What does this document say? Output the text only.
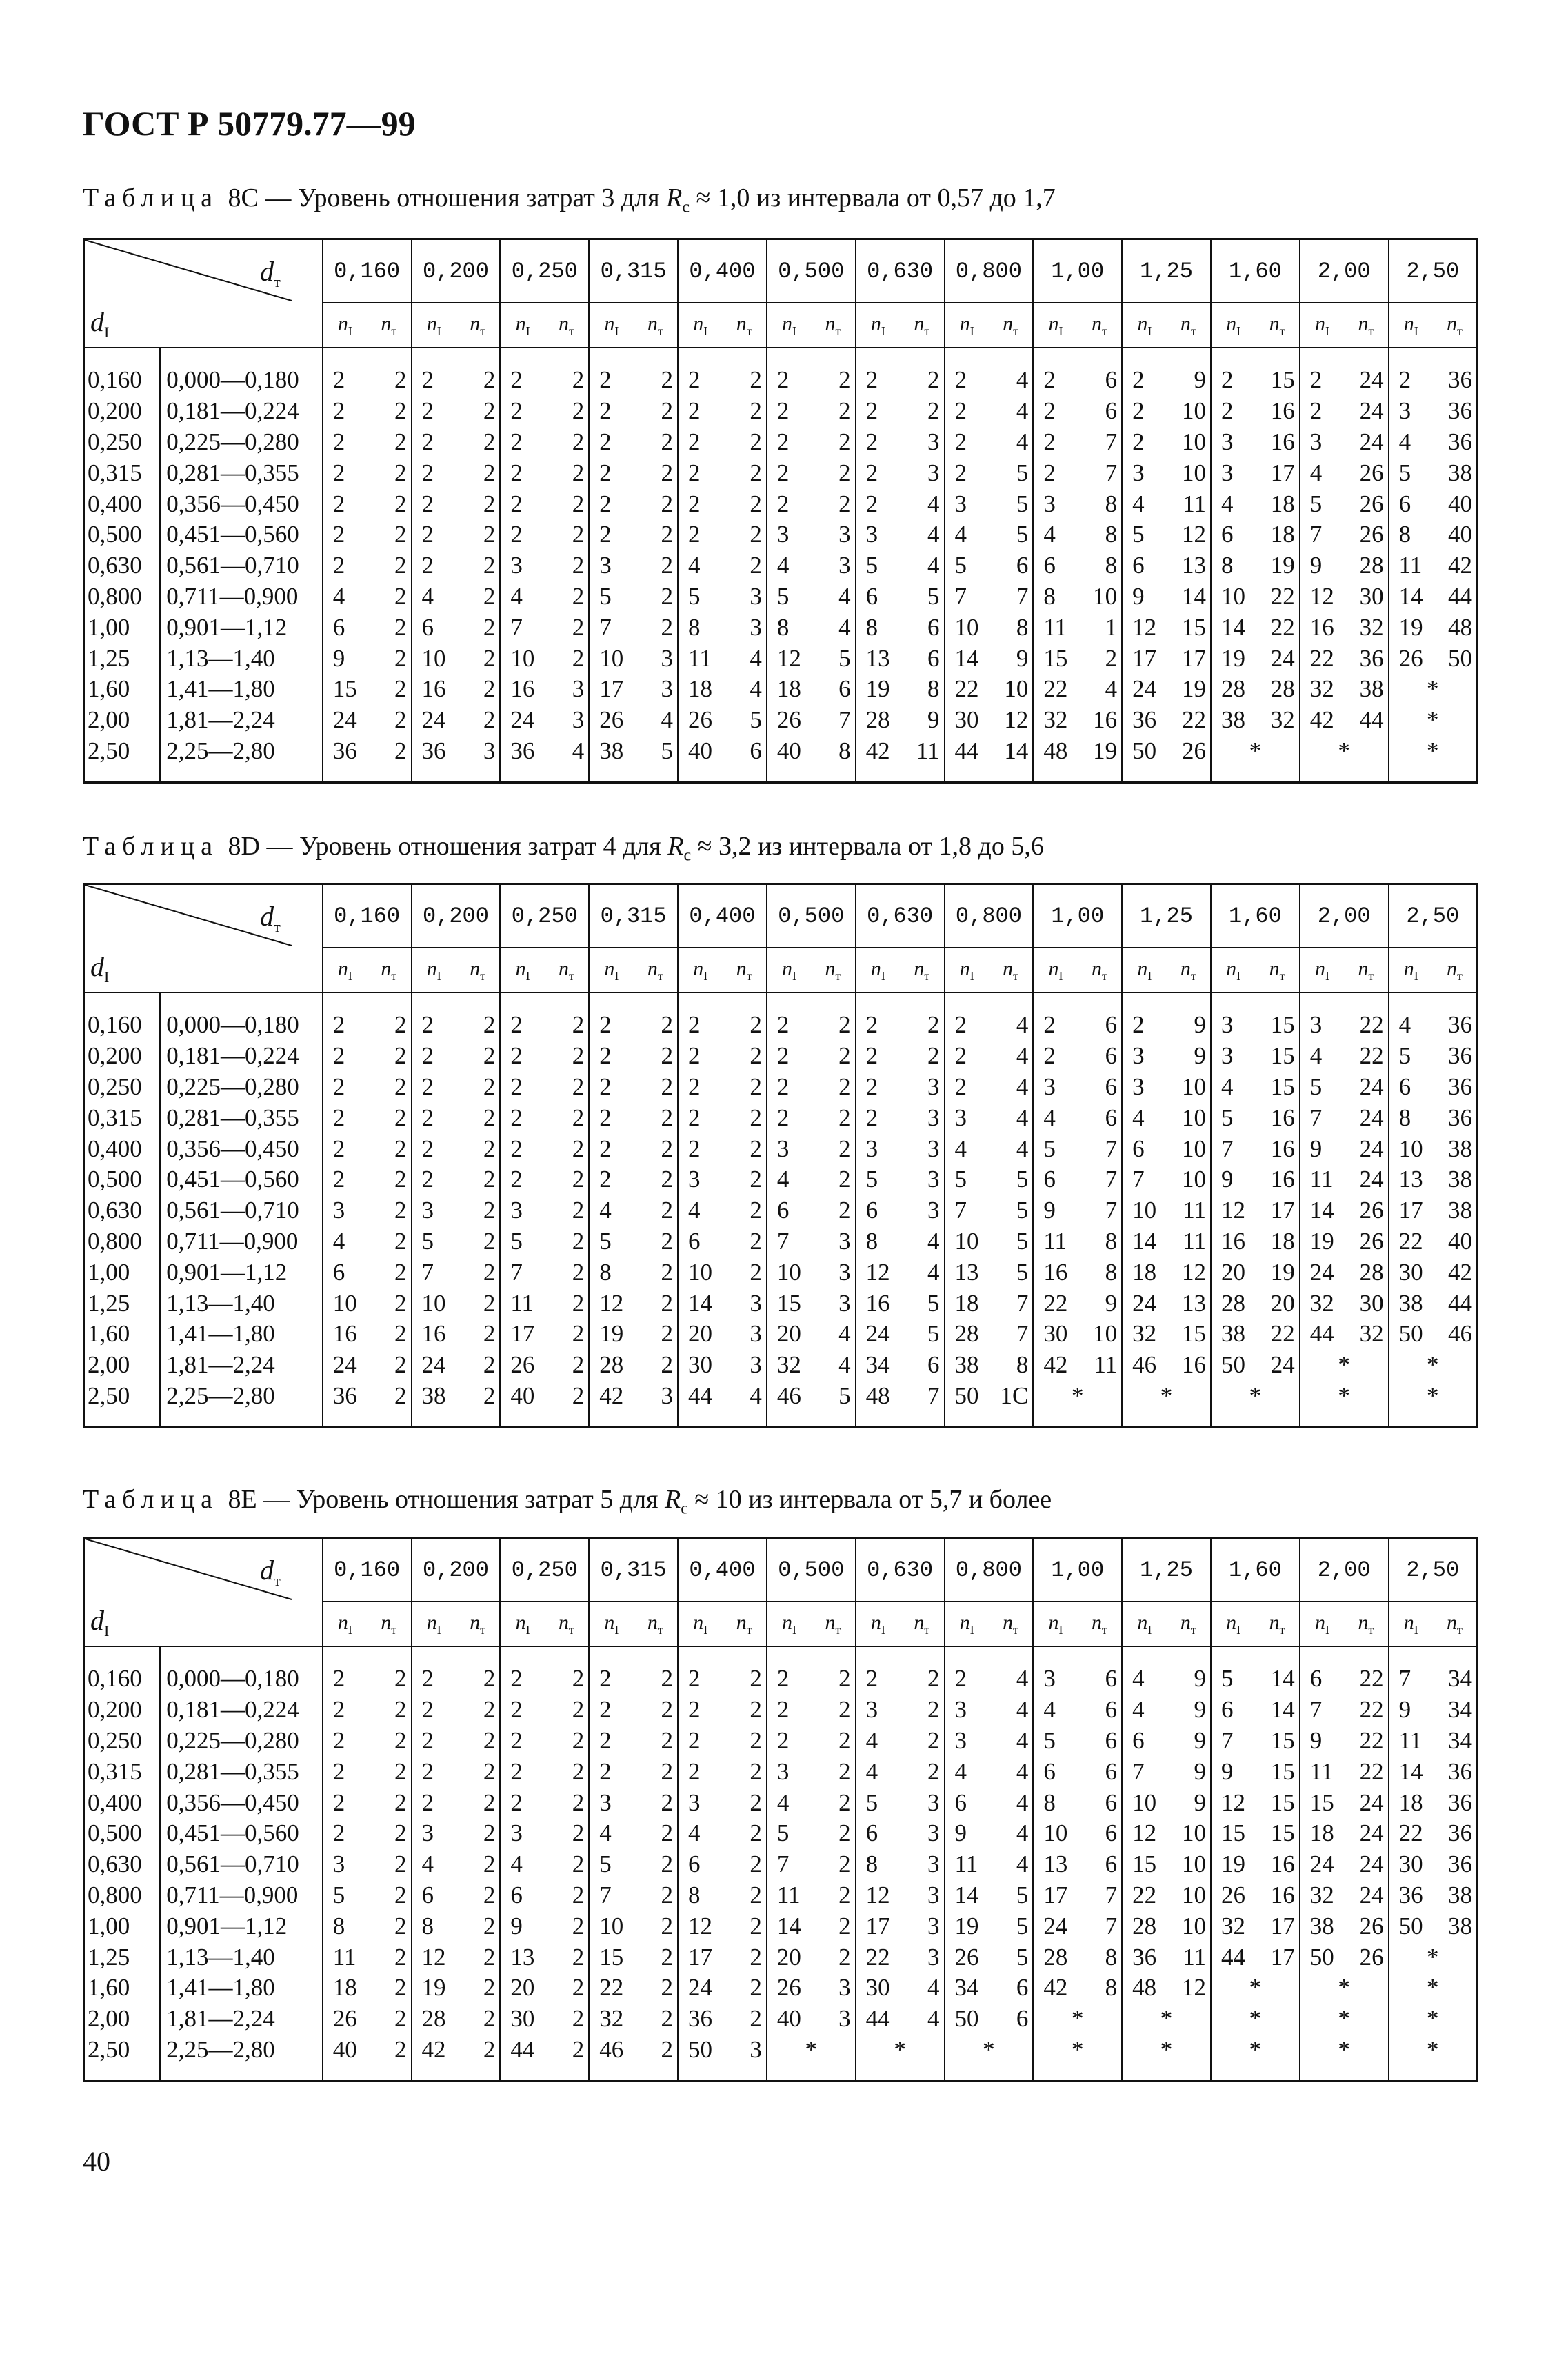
ГОСТ Р 50779.77—99
Таблица 8С — Уровень отношения затрат 3 для $R_с \approx 1,0$ из интервала от 0,57 до 1,7
$d_т$
$d_I$		0,160		0,200		0,250		0,315		0,400		0,500		0,630		0,800		1,00		1,25		1,60		2,00		2,50	
		$n_I$	$n_т$	$n_I$	$n_т$	$n_I$	$n_т$	$n_I$	$n_т$	$n_I$	$n_т$	$n_I$	$n_т$	$n_I$	$n_т$	$n_I$	$n_т$	$n_I$	$n_т$	$n_I$	$n_т$	$n_I$	$n_т$	$n_I$	$n_т$	$n_I$	$n_т$

0,160	0,000—0,180	2	2	2	2	2	2	2	2	2	2	2	2	2	2	2	4	2	6	2	9	2	15	2	24	2	36
0,200	0,181—0,224	2	2	2	2	2	2	2	2	2	2	2	2	2	2	2	4	2	6	2	10	2	16	2	24	3	36
0,250	0,225—0,280	2	2	2	2	2	2	2	2	2	2	2	2	2	3	2	4	2	7	2	10	3	16	3	24	4	36
0,315	0,281—0,355	2	2	2	2	2	2	2	2	2	2	2	2	2	3	2	5	2	7	3	10	3	17	4	26	5	38
0,400	0,356—0,450	2	2	2	2	2	2	2	2	2	2	2	2	2	4	3	5	3	8	4	11	4	18	5	26	6	40
0,500	0,451—0,560	2	2	2	2	2	2	2	2	2	2	3	3	3	4	4	5	4	8	5	12	6	18	7	26	8	40
0,630	0,561—0,710	2	2	2	2	3	2	3	2	4	2	4	3	5	4	5	6	6	8	6	13	8	19	9	28	11	42
0,800	0,711—0,900	4	2	4	2	4	2	5	2	5	3	5	4	6	5	7	7	8	10	9	14	10	22	12	30	14	44
1,00	0,901—1,12	6	2	6	2	7	2	7	2	8	3	8	4	8	6	10	8	11	1	12	15	14	22	16	32	19	48
1,25	1,13—1,40	9	2	10	2	10	2	10	3	11	4	12	5	13	6	14	9	15	2	17	17	19	24	22	36	26	50
1,60	1,41—1,80	15	2	16	2	16	3	17	3	18	4	18	6	19	8	22	10	22	4	24	19	28	28	32	38	*	
2,00	1,81—2,24	24	2	24	2	24	3	26	4	26	5	26	7	28	9	30	12	32	16	36	22	38	32	42	44	*	
2,50	2,25—2,80	36	2	36	3	36	4	38	5	40	6	40	8	42	11	44	14	48	19	50	26	*		*		*	

Таблица 8D — Уровень отношения затрат 4 для $R_с \approx 3,2$ из интервала от 1,8 до 5,6
$d_т$
$d_I$		0,160		0,200		0,250		0,315		0,400		0,500		0,630		0,800		1,00		1,25		1,60		2,00		2,50	
		$n_I$	$n_т$	$n_I$	$n_т$	$n_I$	$n_т$	$n_I$	$n_т$	$n_I$	$n_т$	$n_I$	$n_т$	$n_I$	$n_т$	$n_I$	$n_т$	$n_I$	$n_т$	$n_I$	$n_т$	$n_I$	$n_т$	$n_I$	$n_т$	$n_I$	$n_т$

0,160	0,000—0,180	2	2	2	2	2	2	2	2	2	2	2	2	2	2	2	4	2	6	2	9	3	15	3	22	4	36
0,200	0,181—0,224	2	2	2	2	2	2	2	2	2	2	2	2	2	2	2	4	2	6	3	9	3	15	4	22	5	36
0,250	0,225—0,280	2	2	2	2	2	2	2	2	2	2	2	2	2	3	2	4	3	6	3	10	4	15	5	24	6	36
0,315	0,281—0,355	2	2	2	2	2	2	2	2	2	2	2	2	2	3	3	4	4	6	4	10	5	16	7	24	8	36
0,400	0,356—0,450	2	2	2	2	2	2	2	2	2	2	3	2	3	3	4	4	5	7	6	10	7	16	9	24	10	38
0,500	0,451—0,560	2	2	2	2	2	2	2	2	3	2	4	2	5	3	5	5	6	7	7	10	9	16	11	24	13	38
0,630	0,561—0,710	3	2	3	2	3	2	4	2	4	2	6	2	6	3	7	5	9	7	10	11	12	17	14	26	17	38
0,800	0,711—0,900	4	2	5	2	5	2	5	2	6	2	7	3	8	4	10	5	11	8	14	11	16	18	19	26	22	40
1,00	0,901—1,12	6	2	7	2	7	2	8	2	10	2	10	3	12	4	13	5	16	8	18	12	20	19	24	28	30	42
1,25	1,13—1,40	10	2	10	2	11	2	12	2	14	3	15	3	16	5	18	7	22	9	24	13	28	20	32	30	38	44
1,60	1,41—1,80	16	2	16	2	17	2	19	2	20	3	20	4	24	5	28	7	30	10	32	15	38	22	44	32	50	46
2,00	1,81—2,24	24	2	24	2	26	2	28	2	30	3	32	4	34	6	38	8	42	11	46	16	50	24	*		*	
2,50	2,25—2,80	36	2	38	2	40	2	42	3	44	4	46	5	48	7	50	1С	*		*		*		*		*	

Таблица 8Е — Уровень отношения затрат 5 для $R_с \approx 10$ из интервала от 5,7 и более
$d_т$
$d_I$		0,160		0,200		0,250		0,315		0,400		0,500		0,630		0,800		1,00		1,25		1,60		2,00		2,50	
		$n_I$	$n_т$	$n_I$	$n_т$	$n_I$	$n_т$	$n_I$	$n_т$	$n_I$	$n_т$	$n_I$	$n_т$	$n_I$	$n_т$	$n_I$	$n_т$	$n_I$	$n_т$	$n_I$	$n_т$	$n_I$	$n_т$	$n_I$	$n_т$	$n_I$	$n_т$

0,160	0,000—0,180	2	2	2	2	2	2	2	2	2	2	2	2	2	2	2	4	3	6	4	9	5	14	6	22	7	34
0,200	0,181—0,224	2	2	2	2	2	2	2	2	2	2	2	2	3	2	3	4	4	6	4	9	6	14	7	22	9	34
0,250	0,225—0,280	2	2	2	2	2	2	2	2	2	2	2	2	4	2	3	4	5	6	6	9	7	15	9	22	11	34
0,315	0,281—0,355	2	2	2	2	2	2	2	2	2	2	3	2	4	2	4	4	6	6	7	9	9	15	11	22	14	36
0,400	0,356—0,450	2	2	2	2	2	2	3	2	3	2	4	2	5	3	6	4	8	6	10	9	12	15	15	24	18	36
0,500	0,451—0,560	2	2	3	2	3	2	4	2	4	2	5	2	6	3	9	4	10	6	12	10	15	15	18	24	22	36
0,630	0,561—0,710	3	2	4	2	4	2	5	2	6	2	7	2	8	3	11	4	13	6	15	10	19	16	24	24	30	36
0,800	0,711—0,900	5	2	6	2	6	2	7	2	8	2	11	2	12	3	14	5	17	7	22	10	26	16	32	24	36	38
1,00	0,901—1,12	8	2	8	2	9	2	10	2	12	2	14	2	17	3	19	5	24	7	28	10	32	17	38	26	50	38
1,25	1,13—1,40	11	2	12	2	13	2	15	2	17	2	20	2	22	3	26	5	28	8	36	11	44	17	50	26	*	
1,60	1,41—1,80	18	2	19	2	20	2	22	2	24	2	26	3	30	4	34	6	42	8	48	12	*		*		*	
2,00	1,81—2,24	26	2	28	2	30	2	32	2	36	2	40	3	44	4	50	6	*		*		*		*		*	
2,50	2,25—2,80	40	2	42	2	44	2	46	2	50	3	*		*		*		*		*		*		*		*	

40
